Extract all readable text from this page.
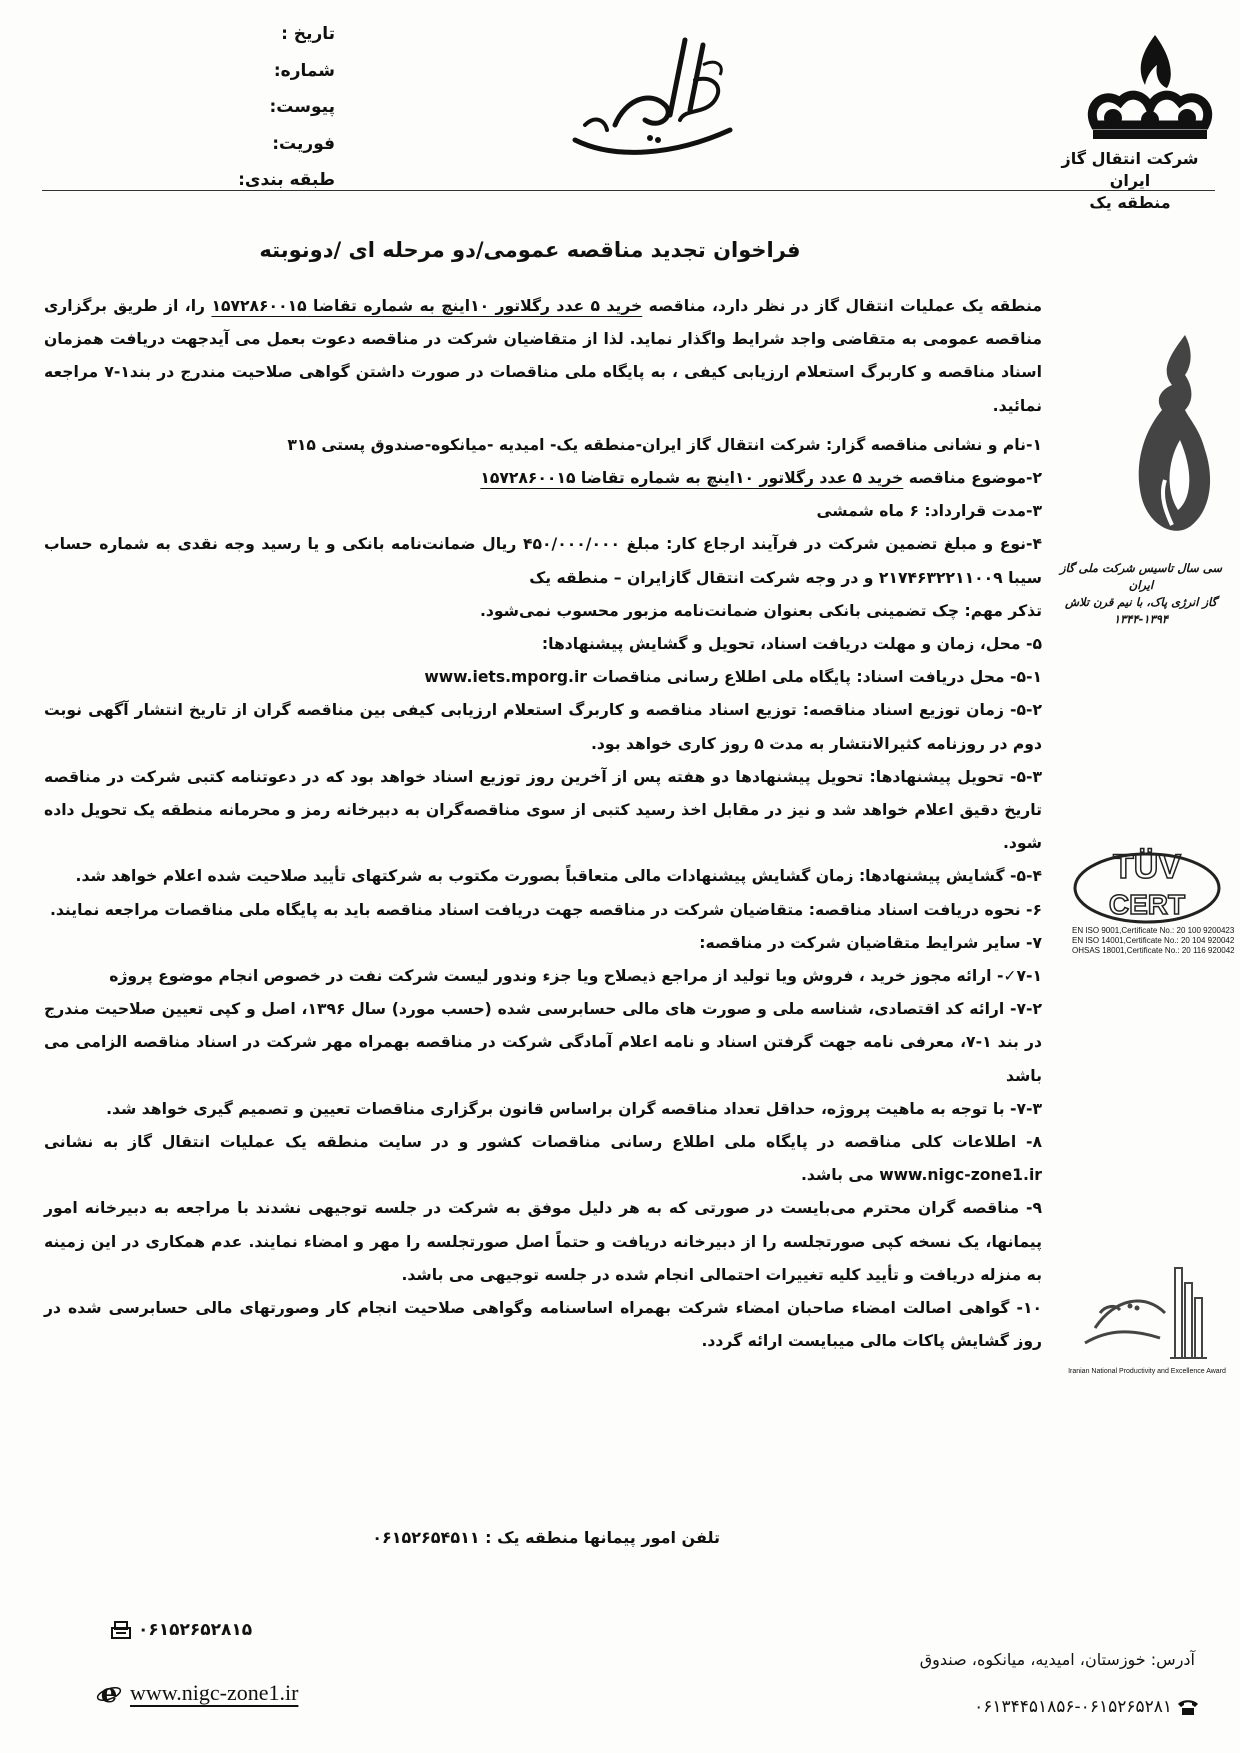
تاریخ :
شماره:
پیوست:
فوریت:
طبقه بندی:
شرکت انتقال گاز ایران
منطقه یک
فراخوان تجدید مناقصه عمومی/دو مرحله ای /دونوبته

منطقه یک عملیات انتقال گاز در نظر دارد، مناقصه خرید ۵ عدد رگلاتور ۱۰اینچ به شماره تقاضا ۱۵۷۲۸۶۰۰۱۵ را، از طریق برگزاری مناقصه عمومی به متقاضی واجد شرایط واگذار نماید. لذا از متقاضیان شرکت در مناقصه دعوت بعمل می آیدجهت دریافت همزمان اسناد مناقصه و کاربرگ استعلام ارزیابی کیفی ، به پایگاه ملی مناقصات در صورت داشتن گواهی صلاحیت مندرج در بند۱-۷ مراجعه نمائید.

۱-نام و نشانی مناقصه گزار: شرکت انتقال گاز ایران-منطقه یک- امیدیه -میانکوه-صندوق پستی ۳۱۵

۲-موضوع مناقصه خرید ۵ عدد رگلاتور ۱۰اینچ به شماره تقاضا ۱۵۷۲۸۶۰۰۱۵

۳-مدت قرارداد: ۶ ماه شمشی

۴-نوع و مبلغ تضمین شرکت در فرآیند ارجاع کار: مبلغ ۴۵۰/۰۰۰/۰۰۰ ریال ضمانت‌نامه بانکی و یا رسید وجه نقدی به شماره حساب سیبا ۲۱۷۴۶۳۲۲۱۱۰۰۹ و در وجه شرکت انتقال گازایران – منطقه یک

تذکر مهم: چک تضمینی بانکی بعنوان ضمانت‌نامه مزبور محسوب نمی‌شود.

۵- محل، زمان و مهلت دریافت اسناد، تحویل و گشایش پیشنهادها:

۵-۱- محل دریافت اسناد: پایگاه ملی اطلاع رسانی مناقصات www.iets.mporg.ir

۵-۲- زمان توزیع اسناد مناقصه: توزیع اسناد مناقصه و کاربرگ استعلام ارزیابی کیفی بین مناقصه گران از تاریخ انتشار آگهی نوبت دوم در روزنامه کثیرالانتشار به مدت ۵ روز کاری خواهد بود.

۵-۳- تحویل پیشنهادها: تحویل پیشنهادها دو هفته پس از آخرین روز توزیع اسناد خواهد بود که در دعوتنامه کتبی شرکت در مناقصه تاریخ دقیق اعلام خواهد شد و نیز در مقابل اخذ رسید کتبی از سوی مناقصه‌گران به دبیرخانه رمز و محرمانه منطقه یک تحویل داده شود.

۵-۴- گشایش پیشنهادها: زمان گشایش پیشنهادات مالی متعاقباً بصورت مکتوب به شرکتهای تأیید صلاحیت شده اعلام خواهد شد.

۶- نحوه دریافت اسناد مناقصه: متقاضیان شرکت در مناقصه جهت دریافت اسناد مناقصه باید به پایگاه ملی مناقصات مراجعه نمایند.

۷- سایر شرایط متقاضیان شرکت در مناقصه:

۷-۱✓- ارائه مجوز خرید ، فروش ویا تولید از مراجع ذیصلاح ویا جزء وندور لیست شرکت نفت در خصوص انجام موضوع پروژه

۷-۲- ارائه کد اقتصادی، شناسه ملی و صورت های مالی حسابرسی شده (حسب مورد) سال ۱۳۹۶، اصل و کپی تعیین صلاحیت مندرج در بند ۱-۷، معرفی نامه جهت گرفتن اسناد و نامه اعلام آمادگی شرکت در مناقصه بهمراه مهر شرکت در اسناد مناقصه الزامی می باشد

۷-۳- با توجه به ماهیت پروژه، حداقل تعداد مناقصه گران براساس قانون برگزاری مناقصات تعیین و تصمیم گیری خواهد شد.

۸- اطلاعات کلی مناقصه در پایگاه ملی اطلاع رسانی مناقصات کشور و در سایت منطقه یک عملیات انتقال گاز به نشانی www.nigc-zone1.ir می باشد.

۹- مناقصه گران محترم می‌بایست در صورتی که به هر دلیل موفق به شرکت در جلسه توجیهی نشدند با مراجعه به دبیرخانه امور پیمانها، یک نسخه کپی صورتجلسه را از دبیرخانه دریافت و حتماً اصل صورتجلسه را مهر و امضاء نمایند. عدم همکاری در این زمینه به منزله دریافت و تأیید کلیه تغییرات احتمالی انجام شده در جلسه توجیهی می باشد.

۱۰- گواهی اصالت امضاء صاحبان امضاء شرکت بهمراه اساسنامه وگواهی صلاحیت انجام کار وصورتهای مالی حسابرسی شده در روز گشایش پاکات مالی میبایست ارائه گردد.

تلفن امور پیمانها منطقه یک : ۰۶۱۵۲۶۵۴۵۱۱
سی سال تاسیس شرکت ملی گاز ایران
گاز انرژی پاک، با نیم قرن تلاش
۱۳۴۴-۱۳۹۴
TÜV
CERT
EN ISO 9001,Certificate No.: 20 100 9200423
EN ISO 14001,Certificate No.: 20 104 920042
OHSAS 18001,Certificate No.: 20 116 920042
Iranian National Productivity and Excellence Award
۰۶۱۵۲۶۵۲۸۱۵
e www.nigc-zone1.ir
آدرس: خوزستان، امیدیه، میانکوه، صندوق
۰۶۱۳۴۴۵۱۸۵۶-۰۶۱۵۲۶۵۲۸۱
